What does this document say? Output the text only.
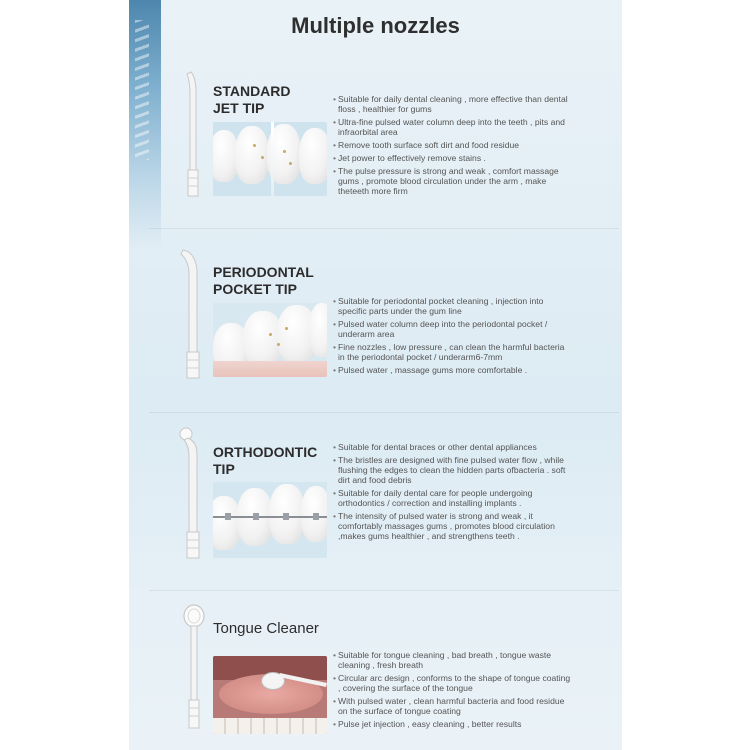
Multiple nozzles
STANDARD
JET TIP
• Suitable for daily dental cleaning , more effective than dental floss , healthier for gums
• Ultra-fine pulsed water column deep into the teeth , pits and infraorbital area
• Remove tooth surface soft dirt and food residue
• Jet power to effectively remove stains .
• The pulse pressure is strong and weak , comfort massage gums , promote blood circulation under the arm , make theteeth more firm
PERIODONTAL
POCKET TIP
• Suitable for periodontal pocket cleaning , injection into specific parts under the gum line
• Pulsed water column deep into the periodontal pocket / underarm area
• Fine nozzles , low pressure , can clean the harmful bacteria in the periodontal pocket / underarm6-7mm
• Pulsed water , massage gums more comfortable .
ORTHODONTIC
TIP
• Suitable for dental braces or other dental appliances
• The bristles are designed with fine pulsed water flow , while flushing the edges to clean the hidden parts ofbacteria . soft dirt and food debris
• Suitable for daily dental care for people undergoing orthodontics / correction and installing implants .
• The intensity of pulsed water is strong and weak , it comfortably massages gums , promotes blood circulation ,makes gums healthier , and strengthens teeth .
Tongue Cleaner
• Suitable for tongue cleaning , bad breath , tongue waste cleaning , fresh breath
• Circular arc design , conforms to the shape of tongue coating , covering the surface of the tongue
• With pulsed water , clean harmful bacteria and food residue on the surface of tongue coating
• Pulse jet injection , easy cleaning , better results
